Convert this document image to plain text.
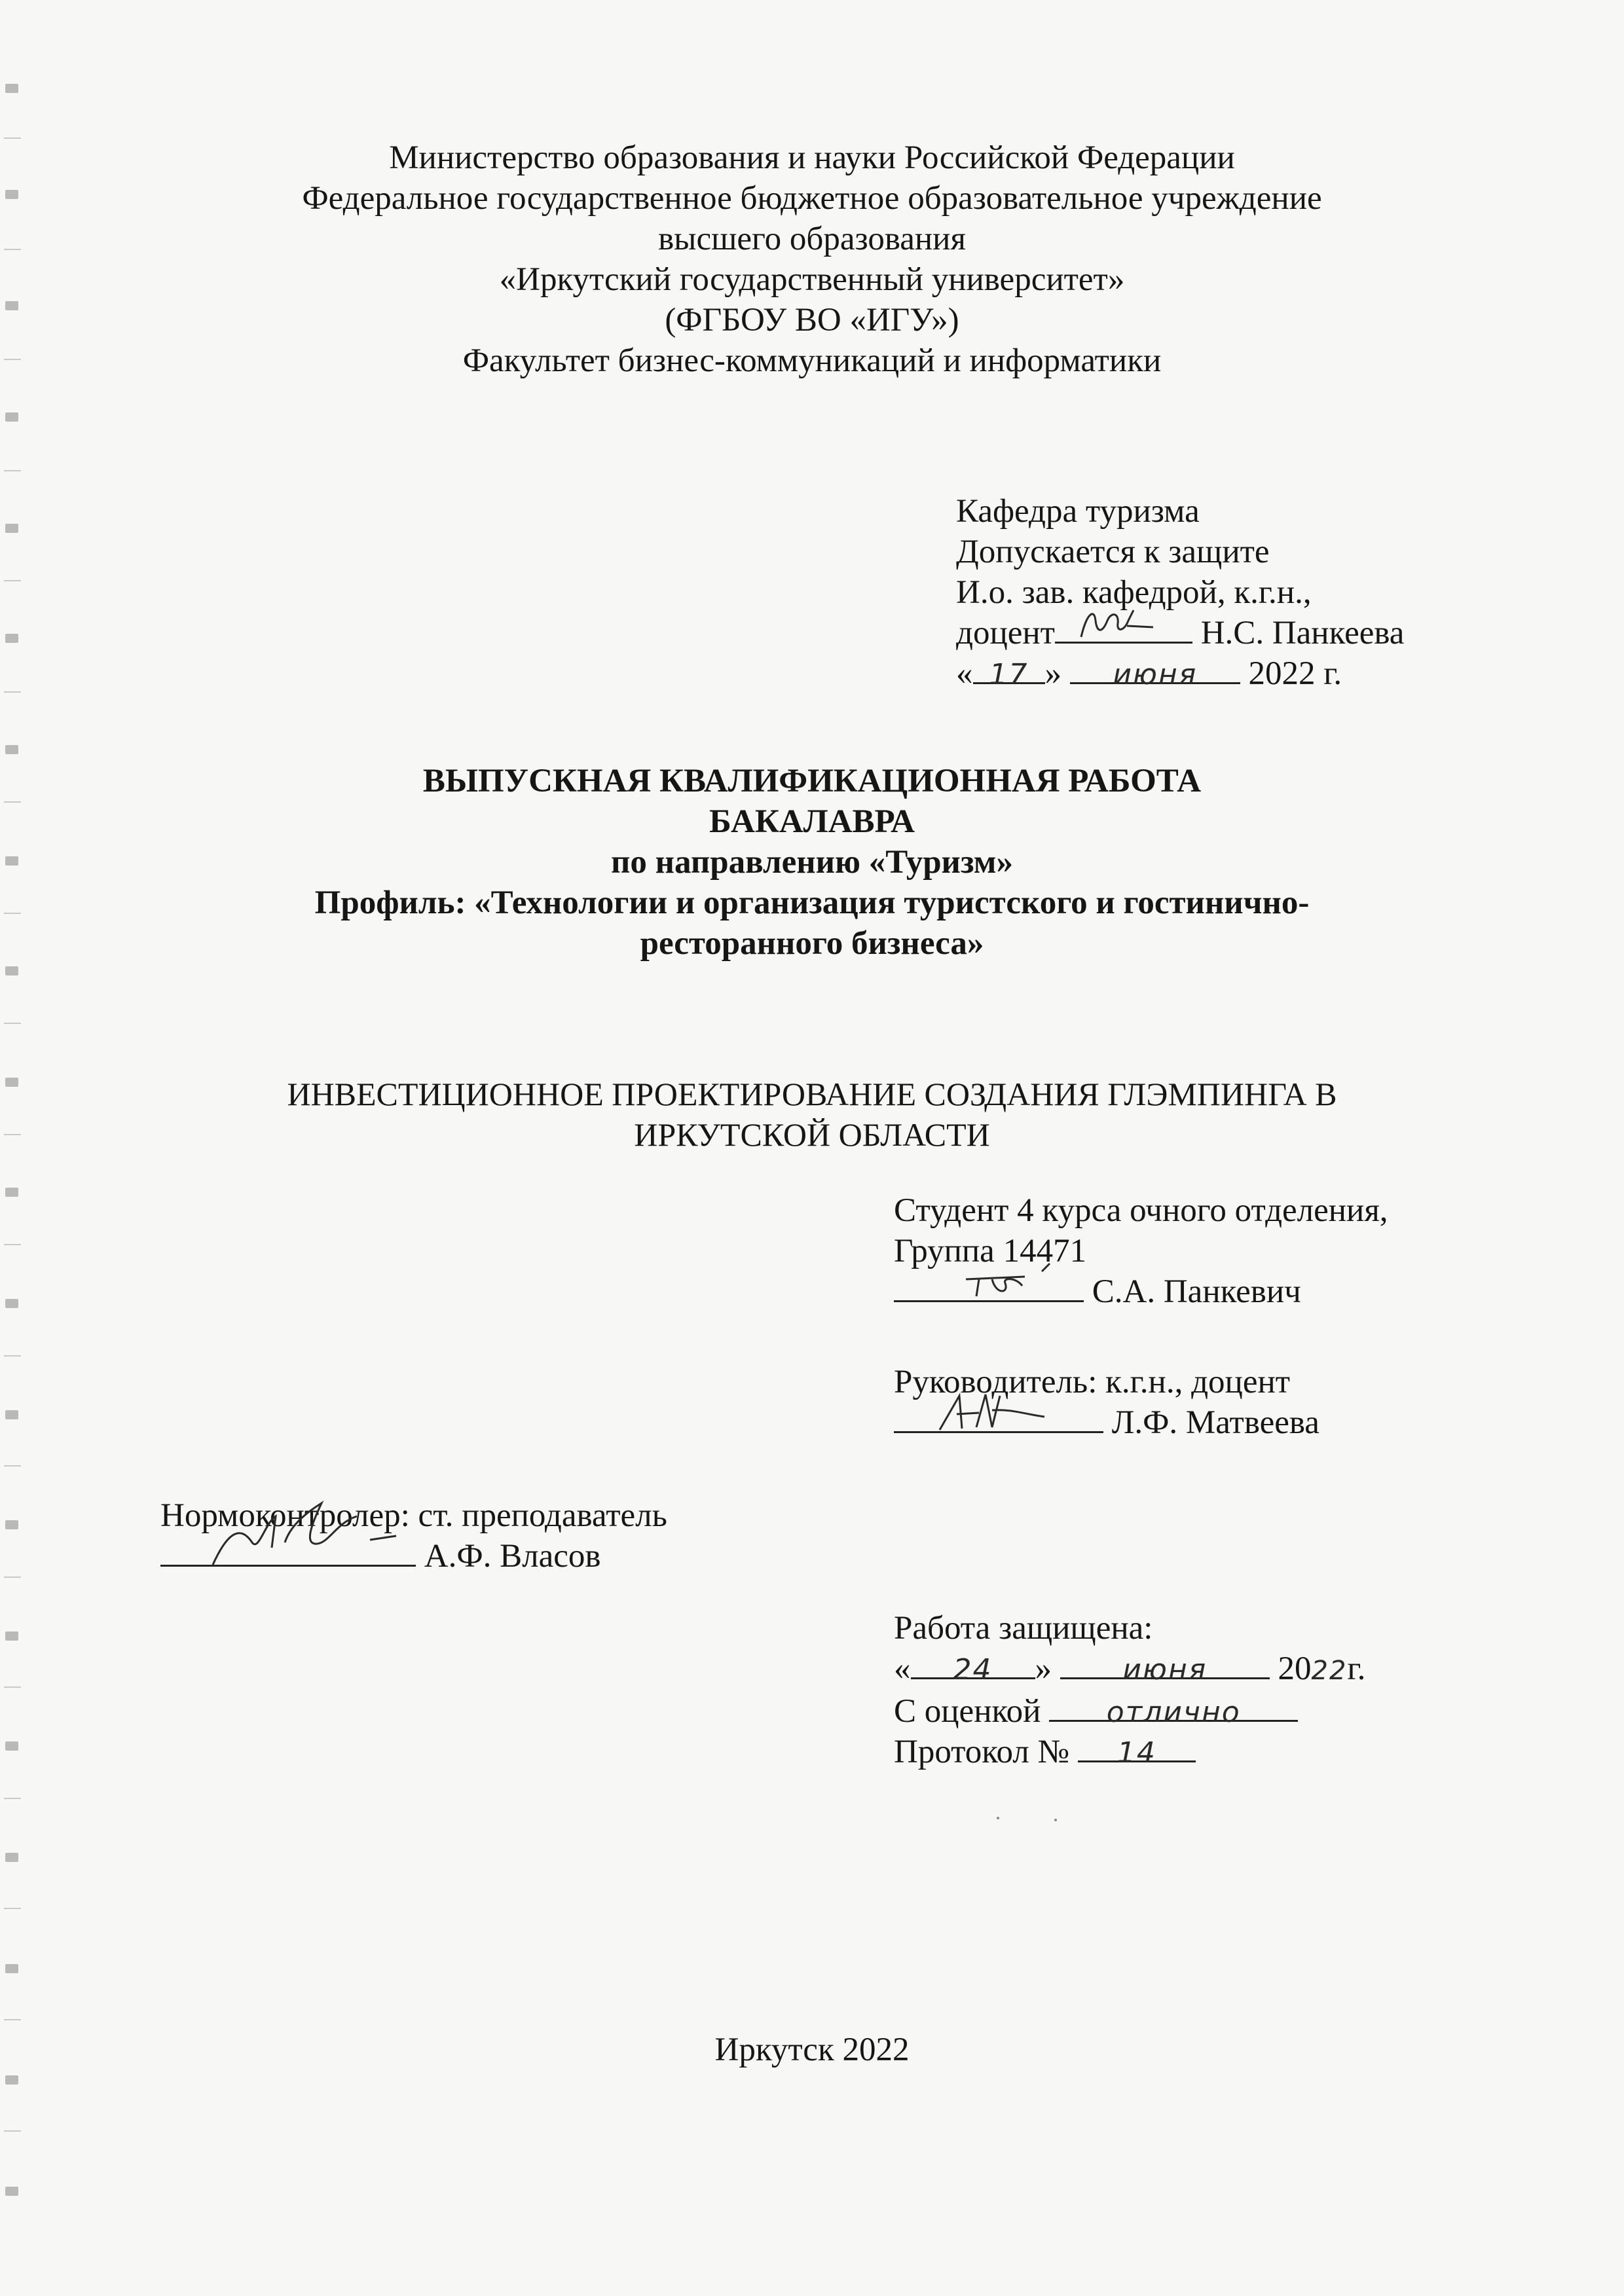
Министерство образования и науки Российской Федерации
Федеральное государственное бюджетное образовательное учреждение
высшего образования
«Иркутский государственный университет»
(ФГБОУ ВО «ИГУ»)
Факультет бизнес-коммуникаций и информатики
Кафедра туризма
Допускается к защите
И.о. зав. кафедрой, к.г.н.,
доцент	Н.С. Панкеева
« 17 » июня 2022 г.
ВЫПУСКНАЯ КВАЛИФИКАЦИОННАЯ РАБОТА
БАКАЛАВРА
по направлению «Туризм»
Профиль: «Технологии и организация туристского и гостинично-
ресторанного бизнеса»
ИНВЕСТИЦИОННОЕ ПРОЕКТИРОВАНИЕ СОЗДАНИЯ ГЛЭМПИНГА В
ИРКУТСКОЙ ОБЛАСТИ
Студент 4 курса очного отделения,
Группа 14471
С.А. Панкевич
Руководитель: к.г.н., доцент
Л.Ф. Матвеева
Нормоконтролер: ст. преподаватель
А.Ф. Власов
Работа защищена:
« 24 » июня 2022г.
С оценкой отлично
Протокол № 14
Иркутск 2022
